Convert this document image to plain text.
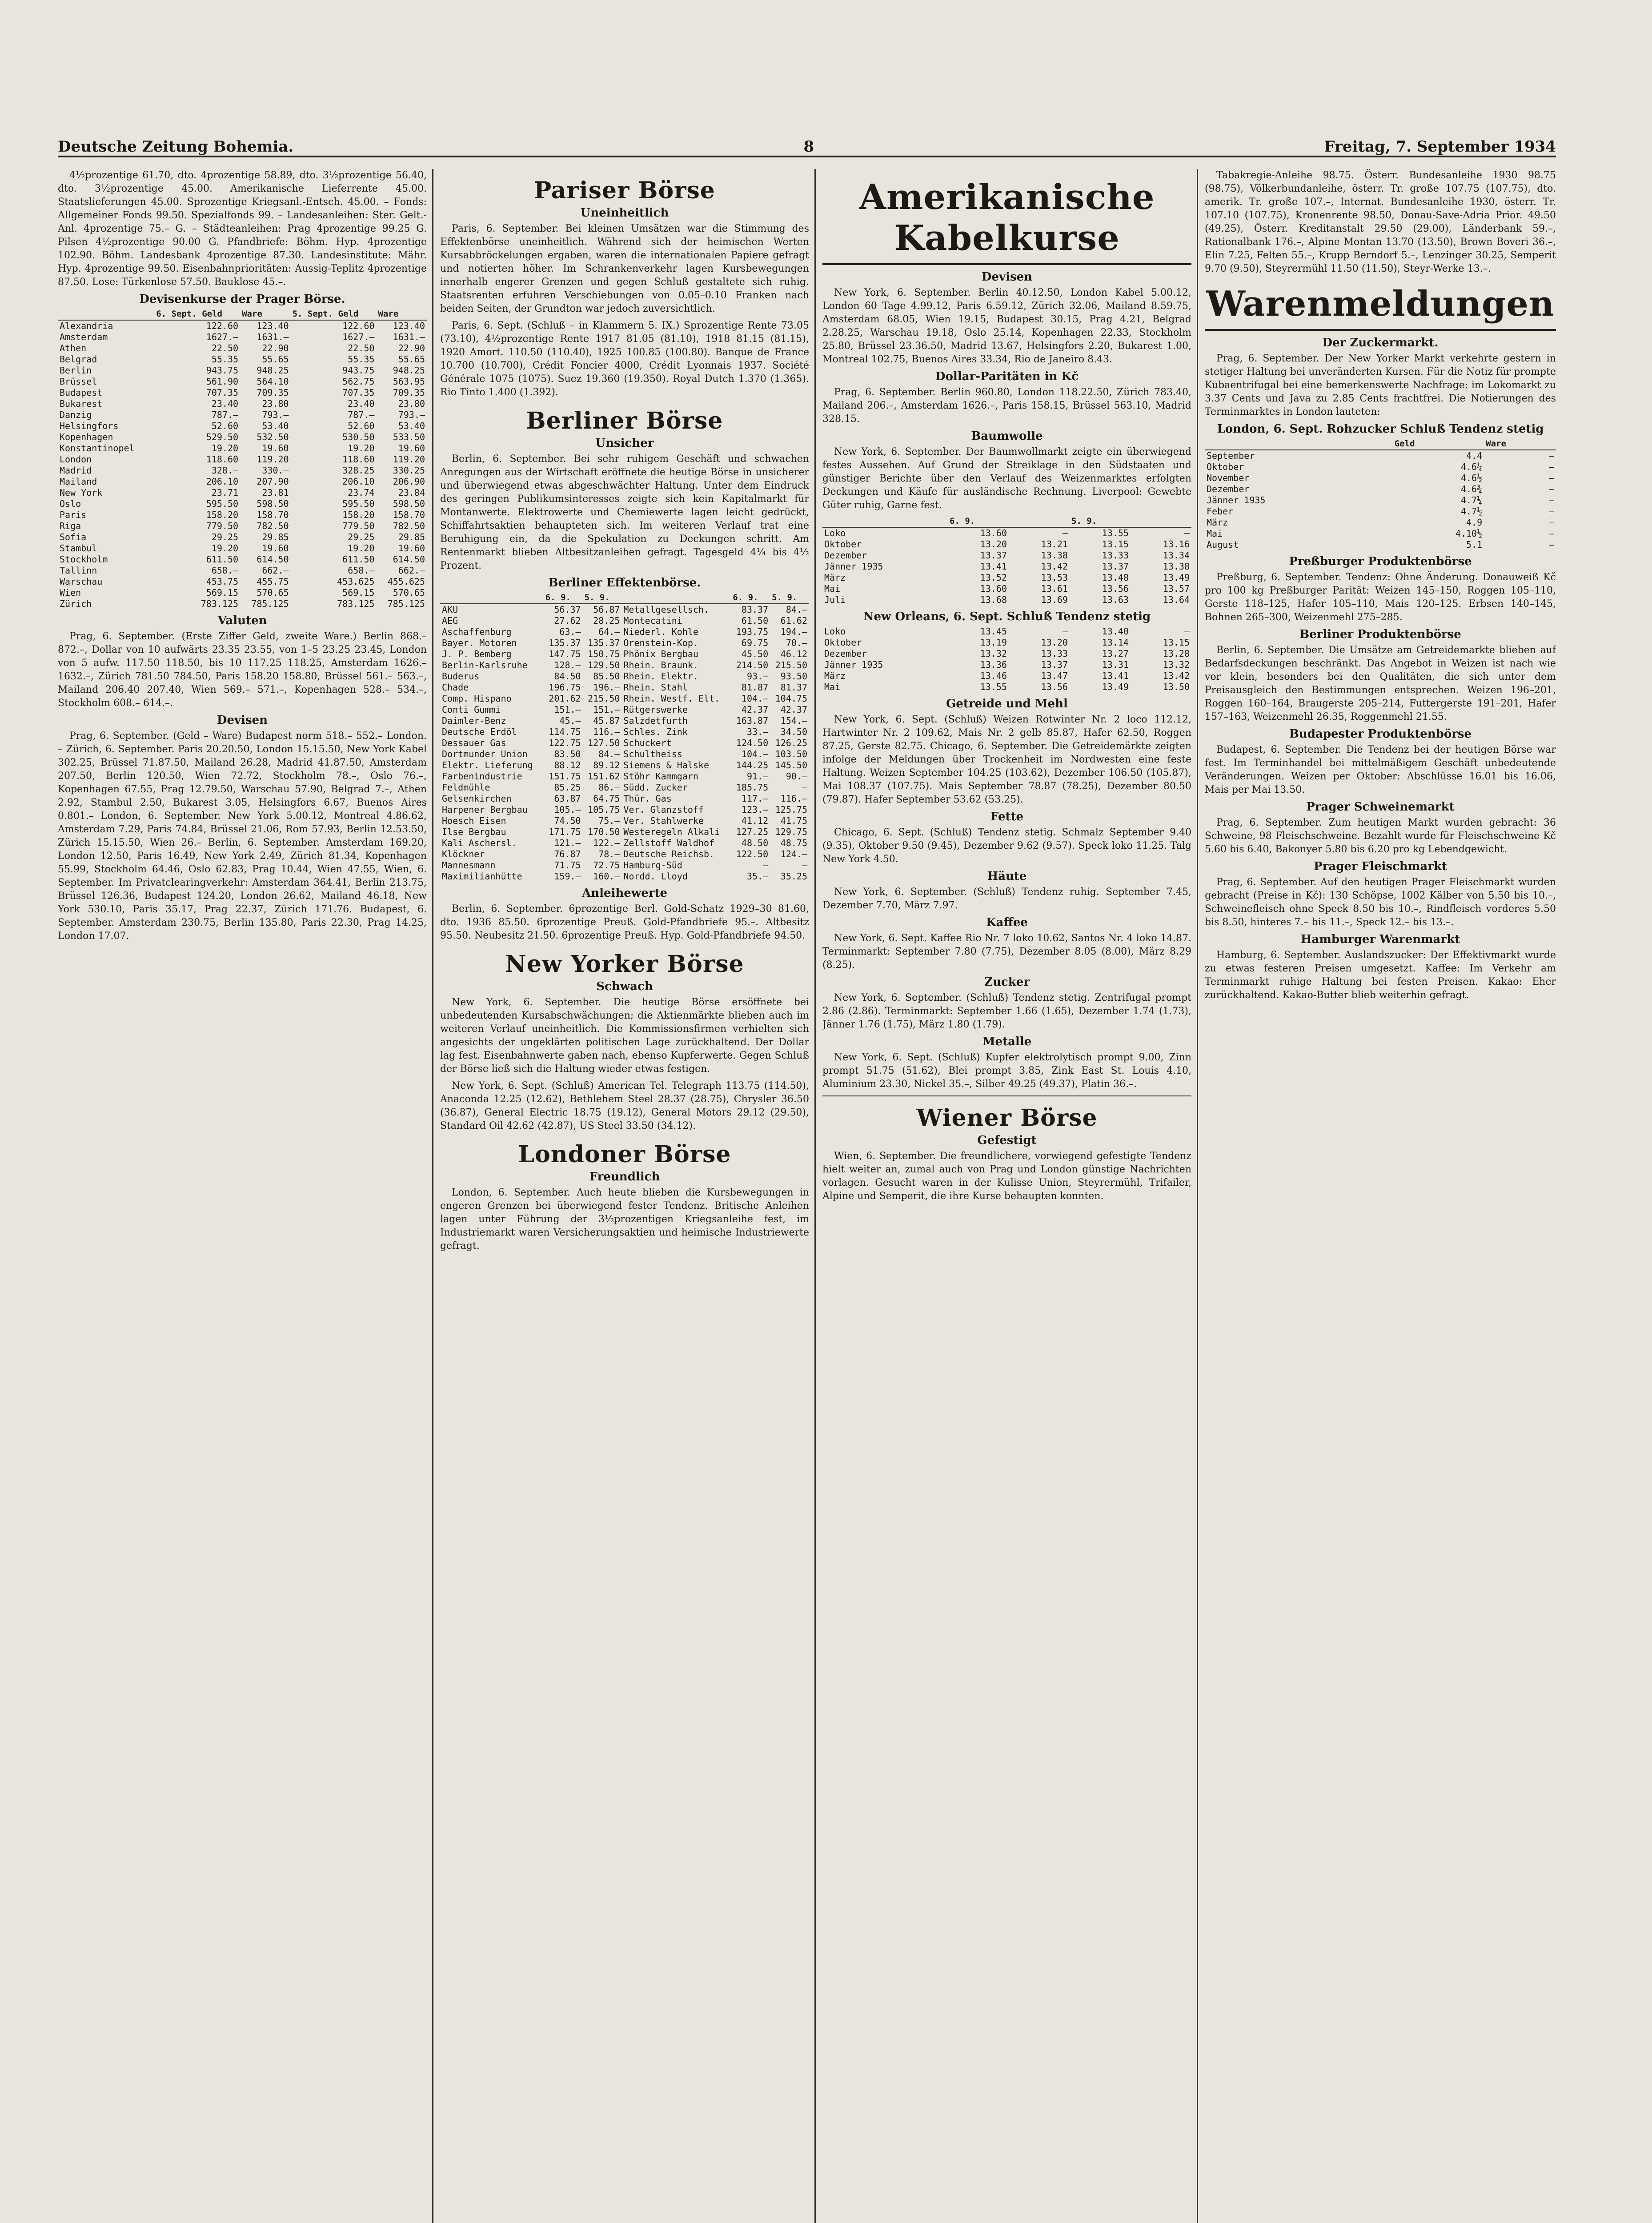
Deutsche Zeitung Bohemia.	8	Freitag, 7. September 1934

4½prozentige 61.70, dto. 4prozentige 58.89, dto. 3½prozentige 56.40, dto. 3½prozentige 45.00. Amerikanische Lieferrente 45.00. Staatslieferungen 45.00. Sprozentige Kriegsanl.-Entsch. 45.00. – Fonds: Allgemeiner Fonds 99.50. Spezialfonds 99. – Landesanleihen: Ster. Gelt.-Anl. 4prozentige 75.– G. – Städteanleihen: Prag 4prozentige 99.25 G. Pilsen 4½prozentige 90.00 G. Pfandbriefe: Böhm. Hyp. 4prozentige 102.90. Böhm. Landesbank 4prozentige 87.30. Landesinstitute: Mähr. Hyp. 4prozentige 99.50. Eisenbahnprioritäten: Aussig-Teplitz 4prozentige 87.50. Lose: Türkenlose 57.50. Bauklose 45.–.

Devisenkurse der Prager Börse.
	6. Sept. Geld	Ware	5. Sept. Geld	Ware
Alexandria	122.60	123.40	122.60	123.40
Amsterdam	1627.–	1631.–	1627.–	1631.–
Athen	22.50	22.90	22.50	22.90
Belgrad	55.35	55.65	55.35	55.65
Berlin	943.75	948.25	943.75	948.25
Brüssel	561.90	564.10	562.75	563.95
Budapest	707.35	709.35	707.35	709.35
Bukarest	23.40	23.80	23.40	23.80
Danzig	787.–	793.–	787.–	793.–
Helsingfors	52.60	53.40	52.60	53.40
Kopenhagen	529.50	532.50	530.50	533.50
Konstantinopel	19.20	19.60	19.20	19.60
London	118.60	119.20	118.60	119.20
Madrid	328.–	330.–	328.25	330.25
Mailand	206.10	207.90	206.10	206.90
New York	23.71	23.81	23.74	23.84
Oslo	595.50	598.50	595.50	598.50
Paris	158.20	158.70	158.20	158.70
Riga	779.50	782.50	779.50	782.50
Sofia	29.25	29.85	29.25	29.85
Stambul	19.20	19.60	19.20	19.60
Stockholm	611.50	614.50	611.50	614.50
Tallinn	658.–	662.–	658.–	662.–
Warschau	453.75	455.75	453.625	455.625
Wien	569.15	570.65	569.15	570.65
Zürich	783.125	785.125	783.125	785.125
Valuten

Prag, 6. September. (Erste Ziffer Geld, zweite Ware.) Berlin 868.– 872.–, Dollar von 10 aufwärts 23.35 23.55, von 1–5 23.25 23.45, London von 5 aufw. 117.50 118.50, bis 10 117.25 118.25, Amsterdam 1626.– 1632.–, Zürich 781.50 784.50, Paris 158.20 158.80, Brüssel 561.– 563.–, Mailand 206.40 207.40, Wien 569.– 571.–, Kopenhagen 528.– 534.–, Stockholm 608.– 614.–.

Devisen

Prag, 6. September. (Geld – Ware) Budapest norm 518.– 552.– London. – Zürich, 6. September. Paris 20.20.50, London 15.15.50, New York Kabel 302.25, Brüssel 71.87.50, Mailand 26.28, Madrid 41.87.50, Amsterdam 207.50, Berlin 120.50, Wien 72.72, Stockholm 78.–, Oslo 76.–, Kopenhagen 67.55, Prag 12.79.50, Warschau 57.90, Belgrad 7.–, Athen 2.92, Stambul 2.50, Bukarest 3.05, Helsingfors 6.67, Buenos Aires 0.801.– London, 6. September. New York 5.00.12, Montreal 4.86.62, Amsterdam 7.29, Paris 74.84, Brüssel 21.06, Rom 57.93, Berlin 12.53.50, Zürich 15.15.50, Wien 26.– Berlin, 6. September. Amsterdam 169.20, London 12.50, Paris 16.49, New York 2.49, Zürich 81.34, Kopenhagen 55.99, Stockholm 64.46, Oslo 62.83, Prag 10.44, Wien 47.55, Wien, 6. September. Im Privatclearingverkehr: Amsterdam 364.41, Berlin 213.75, Brüssel 126.36, Budapest 124.20, London 26.62, Mailand 46.18, New York 530.10, Paris 35.17, Prag 22.37, Zürich 171.76. Budapest, 6. September. Amsterdam 230.75, Berlin 135.80, Paris 22.30, Prag 14.25, London 17.07.

Pariser Börse
Uneinheitlich

Paris, 6. September. Bei kleinen Umsätzen war die Stimmung des Effektenbörse uneinheitlich. Während sich der heimischen Werten Kursabbröckelungen ergaben, waren die internationalen Papiere gefragt und notierten höher. Im Schrankenverkehr lagen Kursbewegungen innerhalb engerer Grenzen und gegen Schluß gestaltete sich ruhig. Staatsrenten erfuhren Verschiebungen von 0.05–0.10 Franken nach beiden Seiten, der Grundton war jedoch zuversichtlich.

Paris, 6. Sept. (Schluß – in Klammern 5. IX.) Sprozentige Rente 73.05 (73.10), 4½prozentige Rente 1917 81.05 (81.10), 1918 81.15 (81.15), 1920 Amort. 110.50 (110.40), 1925 100.85 (100.80). Banque de France 10.700 (10.700), Crédit Foncier 4000, Crédit Lyonnais 1937. Société Générale 1075 (1075). Suez 19.360 (19.350). Royal Dutch 1.370 (1.365). Rio Tinto 1.400 (1.392).

Berliner Börse
Unsicher

Berlin, 6. September. Bei sehr ruhigem Geschäft und schwachen Anregungen aus der Wirtschaft eröffnete die heutige Börse in unsicherer und überwiegend etwas abgeschwächter Haltung. Unter dem Eindruck des geringen Publikumsinteresses zeigte sich kein Kapitalmarkt für Montanwerte. Elektrowerte und Chemiewerte lagen leicht gedrückt, Schiffahrtsaktien behaupteten sich. Im weiteren Verlauf trat eine Beruhigung ein, da die Spekulation zu Deckungen schritt. Am Rentenmarkt blieben Altbesitzanleihen gefragt. Tagesgeld 4¼ bis 4½ Prozent.

Berliner Effektenbörse.
	6. 9.	5. 9.		6. 9.	5. 9.
AKU	56.37	56.87	Metallgesellsch.	83.37	84.–
AEG	27.62	28.25	Montecatini	61.50	61.62
Aschaffenburg	63.–	64.–	Niederl. Kohle	193.75	194.–
Bayer. Motoren	135.37	135.37	Orenstein-Kop.	69.75	70.–
J. P. Bemberg	147.75	150.75	Phönix Bergbau	45.50	46.12
Berlin-Karlsruhe	128.–	129.50	Rhein. Braunk.	214.50	215.50
Buderus	84.50	85.50	Rhein. Elektr.	93.–	93.50
Chade	196.75	196.–	Rhein. Stahl	81.87	81.37
Comp. Hispano	201.62	215.50	Rhein. Westf. Elt.	104.–	104.75
Conti Gummi	151.–	151.–	Rütgerswerke	42.37	42.37
Daimler-Benz	45.–	45.87	Salzdetfurth	163.87	154.–
Deutsche Erdöl	114.75	116.–	Schles. Zink	33.–	34.50
Dessauer Gas	122.75	127.50	Schuckert	124.50	126.25
Dortmunder Union	83.50	84.–	Schultheiss	104.–	103.50
Elektr. Lieferung	88.12	89.12	Siemens & Halske	144.25	145.50
Farbenindustrie	151.75	151.62	Stöhr Kammgarn	91.–	90.–
Feldmühle	85.25	86.–	Südd. Zucker	185.75	—
Gelsenkirchen	63.87	64.75	Thür. Gas	117.–	116.–
Harpener Bergbau	105.–	105.75	Ver. Glanzstoff	123.–	125.75
Hoesch Eisen	74.50	75.–	Ver. Stahlwerke	41.12	41.75
Ilse Bergbau	171.75	170.50	Westeregeln Alkali	127.25	129.75
Kali Aschersl.	121.–	122.–	Zellstoff Waldhof	48.50	48.75
Klöckner	76.87	78.–	Deutsche Reichsb.	122.50	124.–
Mannesmann	71.75	72.75	Hamburg-Süd	—	—
Maximilianhütte	159.–	160.–	Nordd. Lloyd	35.–	35.25
Anleihewerte

Berlin, 6. September. 6prozentige Berl. Gold-Schatz 1929–30 81.60, dto. 1936 85.50. 6prozentige Preuß. Gold-Pfandbriefe 95.–. Altbesitz 95.50. Neubesitz 21.50. 6prozentige Preuß. Hyp. Gold-Pfandbriefe 94.50.

New Yorker Börse
Schwach

New York, 6. September. Die heutige Börse ersöffnete bei unbedeutenden Kursabschwächungen; die Aktienmärkte blieben auch im weiteren Verlauf uneinheitlich. Die Kommissionsfirmen verhielten sich angesichts der ungeklärten politischen Lage zurückhaltend. Der Dollar lag fest. Eisenbahnwerte gaben nach, ebenso Kupferwerte. Gegen Schluß der Börse ließ sich die Haltung wieder etwas festigen.

New York, 6. Sept. (Schluß) American Tel. Telegraph 113.75 (114.50), Anaconda 12.25 (12.62), Bethlehem Steel 28.37 (28.75), Chrysler 36.50 (36.87), General Electric 18.75 (19.12), General Motors 29.12 (29.50), Standard Oil 42.62 (42.87), US Steel 33.50 (34.12).

Londoner Börse
Freundlich

London, 6. September. Auch heute blieben die Kursbewegungen in engeren Grenzen bei überwiegend fester Tendenz. Britische Anleihen lagen unter Führung der 3½prozentigen Kriegsanleihe fest, im Industriemarkt waren Versicherungsaktien und heimische Industriewerte gefragt.

Amerikanische Kabelkurse
Devisen

New York, 6. September. Berlin 40.12.50, London Kabel 5.00.12, London 60 Tage 4.99.12, Paris 6.59.12, Zürich 32.06, Mailand 8.59.75, Amsterdam 68.05, Wien 19.15, Budapest 30.15, Prag 4.21, Belgrad 2.28.25, Warschau 19.18, Oslo 25.14, Kopenhagen 22.33, Stockholm 25.80, Brüssel 23.36.50, Madrid 13.67, Helsingfors 2.20, Bukarest 1.00, Montreal 102.75, Buenos Aires 33.34, Rio de Janeiro 8.43.

Dollar-Paritäten in Kč

Prag, 6. September. Berlin 960.80, London 118.22.50, Zürich 783.40, Mailand 206.–, Amsterdam 1626.–, Paris 158.15, Brüssel 563.10, Madrid 328.15.

Baumwolle

New York, 6. September. Der Baumwollmarkt zeigte ein überwiegend festes Aussehen. Auf Grund der Streiklage in den Südstaaten und günstiger Berichte über den Verlauf des Weizenmarktes erfolgten Deckungen und Käufe für ausländische Rechnung. Liverpool: Gewebte Güter ruhig, Garne fest.

	6. 9.		5. 9.	
Loko	13.60	—	13.55	—
Oktober	13.20	13.21	13.15	13.16
Dezember	13.37	13.38	13.33	13.34
Jänner 1935	13.41	13.42	13.37	13.38
März	13.52	13.53	13.48	13.49
Mai	13.60	13.61	13.56	13.57
Juli	13.68	13.69	13.63	13.64
New Orleans, 6. Sept. Schluß Tendenz stetig
Loko	13.45	—	13.40	—
Oktober	13.19	13.20	13.14	13.15
Dezember	13.32	13.33	13.27	13.28
Jänner 1935	13.36	13.37	13.31	13.32
März	13.46	13.47	13.41	13.42
Mai	13.55	13.56	13.49	13.50
Getreide und Mehl

New York, 6. Sept. (Schluß) Weizen Rotwinter Nr. 2 loco 112.12, Hartwinter Nr. 2 109.62, Mais Nr. 2 gelb 85.87, Hafer 62.50, Roggen 87.25, Gerste 82.75. Chicago, 6. September. Die Getreidemärkte zeigten infolge der Meldungen über Trockenheit im Nordwesten eine feste Haltung. Weizen September 104.25 (103.62), Dezember 106.50 (105.87), Mai 108.37 (107.75). Mais September 78.87 (78.25), Dezember 80.50 (79.87). Hafer September 53.62 (53.25).

Fette

Chicago, 6. Sept. (Schluß) Tendenz stetig. Schmalz September 9.40 (9.35), Oktober 9.50 (9.45), Dezember 9.62 (9.57). Speck loko 11.25. Talg New York 4.50.

Häute

New York, 6. September. (Schluß) Tendenz ruhig. September 7.45, Dezember 7.70, März 7.97.

Kaffee

New York, 6. Sept. Kaffee Rio Nr. 7 loko 10.62, Santos Nr. 4 loko 14.87. Terminmarkt: September 7.80 (7.75), Dezember 8.05 (8.00), März 8.29 (8.25).

Zucker

New York, 6. September. (Schluß) Tendenz stetig. Zentrifugal prompt 2.86 (2.86). Terminmarkt: September 1.66 (1.65), Dezember 1.74 (1.73), Jänner 1.76 (1.75), März 1.80 (1.79).

Metalle

New York, 6. Sept. (Schluß) Kupfer elektrolytisch prompt 9.00, Zinn prompt 51.75 (51.62), Blei prompt 3.85, Zink East St. Louis 4.10, Aluminium 23.30, Nickel 35.–, Silber 49.25 (49.37), Platin 36.–.

Wiener Börse
Gefestigt

Wien, 6. September. Die freundlichere, vorwiegend gefestigte Tendenz hielt weiter an, zumal auch von Prag und London günstige Nachrichten vorlagen. Gesucht waren in der Kulisse Union, Steyrermühl, Trifailer, Alpine und Semperit, die ihre Kurse behaupten konnten.

Tabakregie-Anleihe 98.75. Österr. Bundesanleihe 1930 98.75 (98.75), Völkerbundanleihe, österr. Tr. große 107.75 (107.75), dto. amerik. Tr. große 107.–, Internat. Bundesanleihe 1930, österr. Tr. 107.10 (107.75), Kronenrente 98.50, Donau-Save-Adria Prior. 49.50 (49.25), Österr. Kreditanstalt 29.50 (29.00), Länderbank 59.–, Rationalbank 176.–, Alpine Montan 13.70 (13.50), Brown Boveri 36.–, Elin 7.25, Felten 55.–, Krupp Berndorf 5.–, Lenzinger 30.25, Semperit 9.70 (9.50), Steyrermühl 11.50 (11.50), Steyr-Werke 13.–.

Warenmeldungen
Der Zuckermarkt.

Prag, 6. September. Der New Yorker Markt verkehrte gestern in stetiger Haltung bei unveränderten Kursen. Für die Notiz für prompte Kubaentrifugal bei eine bemerkenswerte Nachfrage: im Lokomarkt zu 3.37 Cents und Java zu 2.85 Cents frachtfrei. Die Notierungen des Terminmarktes in London lauteten:

London, 6. Sept. Rohzucker Schluß Tendenz stetig
	Geld	Ware
September	4.4	—
Oktober	4.6¼	—
November	4.6½	—
Dezember	4.6¾	—
Jänner 1935	4.7¼	—
Feber	4.7½	—
März	4.9	—
Mai	4.10½	—
August	5.1	—
Preßburger Produktenbörse

Preßburg, 6. September. Tendenz: Ohne Änderung. Donauweiß Kč pro 100 kg Preßburger Parität: Weizen 145–150, Roggen 105–110, Gerste 118–125, Hafer 105–110, Mais 120–125. Erbsen 140–145, Bohnen 265–300, Weizenmehl 275–285.

Berliner Produktenbörse

Berlin, 6. September. Die Umsätze am Getreidemarkte blieben auf Bedarfsdeckungen beschränkt. Das Angebot in Weizen ist nach wie vor klein, besonders bei den Qualitäten, die sich unter dem Preisausgleich den Bestimmungen entsprechen. Weizen 196–201, Roggen 160–164, Braugerste 205–214, Futtergerste 191–201, Hafer 157–163, Weizenmehl 26.35, Roggenmehl 21.55.

Budapester Produktenbörse

Budapest, 6. September. Die Tendenz bei der heutigen Börse war fest. Im Terminhandel bei mittelmäßigem Geschäft unbedeutende Veränderungen. Weizen per Oktober: Abschlüsse 16.01 bis 16.06, Mais per Mai 13.50.

Prager Schweinemarkt

Prag, 6. September. Zum heutigen Markt wurden gebracht: 36 Schweine, 98 Fleischschweine. Bezahlt wurde für Fleischschweine Kč 5.60 bis 6.40, Bakonyer 5.80 bis 6.20 pro kg Lebendgewicht.

Prager Fleischmarkt

Prag, 6. September. Auf den heutigen Prager Fleischmarkt wurden gebracht (Preise in Kč): 130 Schöpse, 1002 Kälber von 5.50 bis 10.–, Schweinefleisch ohne Speck 8.50 bis 10.–, Rindfleisch vorderes 5.50 bis 8.50, hinteres 7.– bis 11.–, Speck 12.– bis 13.–.

Hamburger Warenmarkt

Hamburg, 6. September. Auslandszucker: Der Effektivmarkt wurde zu etwas festeren Preisen umgesetzt. Kaffee: Im Verkehr am Terminmarkt ruhige Haltung bei festen Preisen. Kakao: Eher zurückhaltend. Kakao-Butter blieb weiterhin gefragt.
